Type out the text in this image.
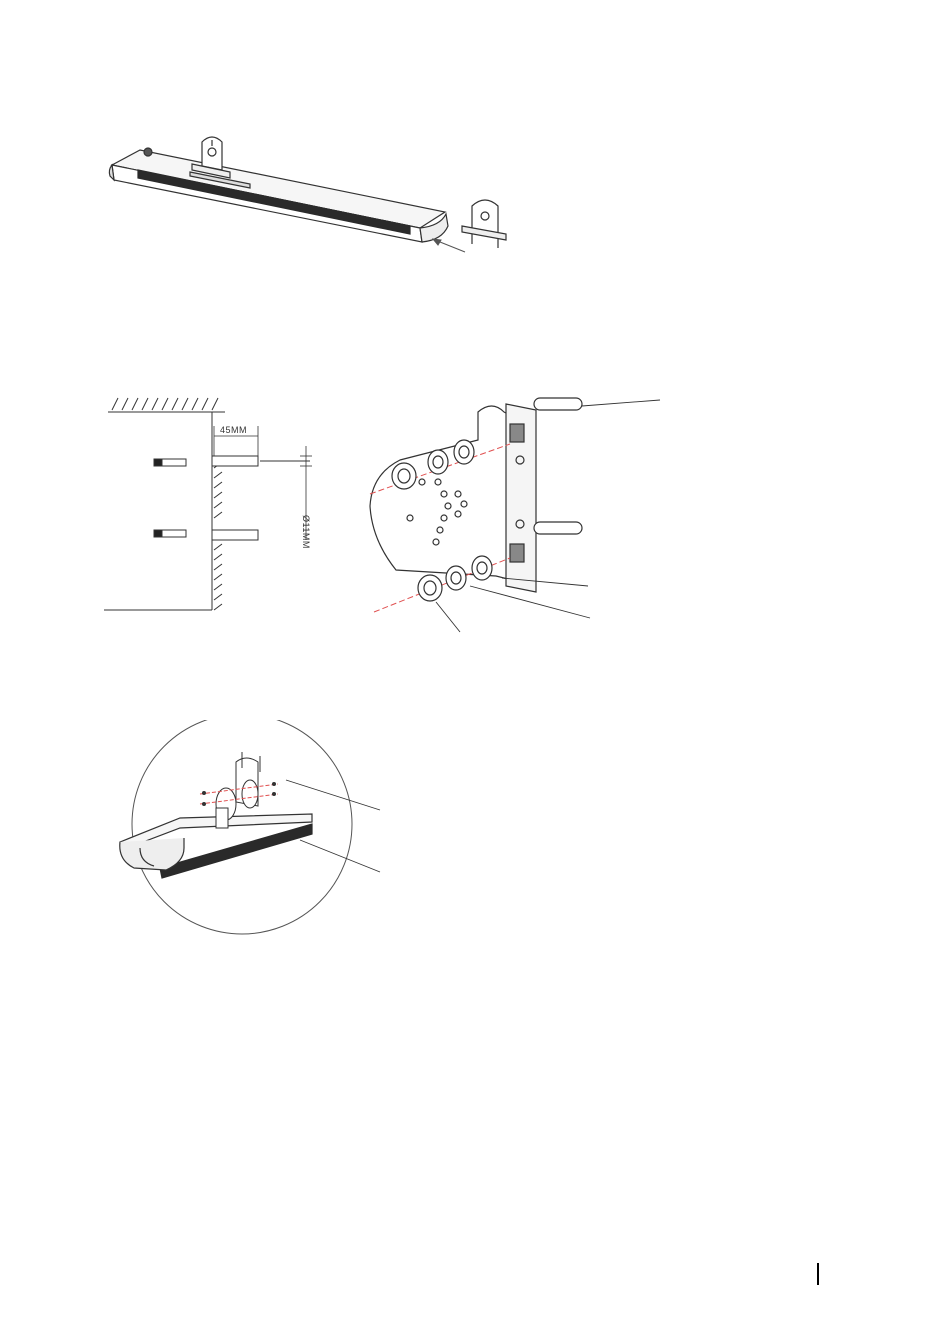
45MM
Ø11MM
